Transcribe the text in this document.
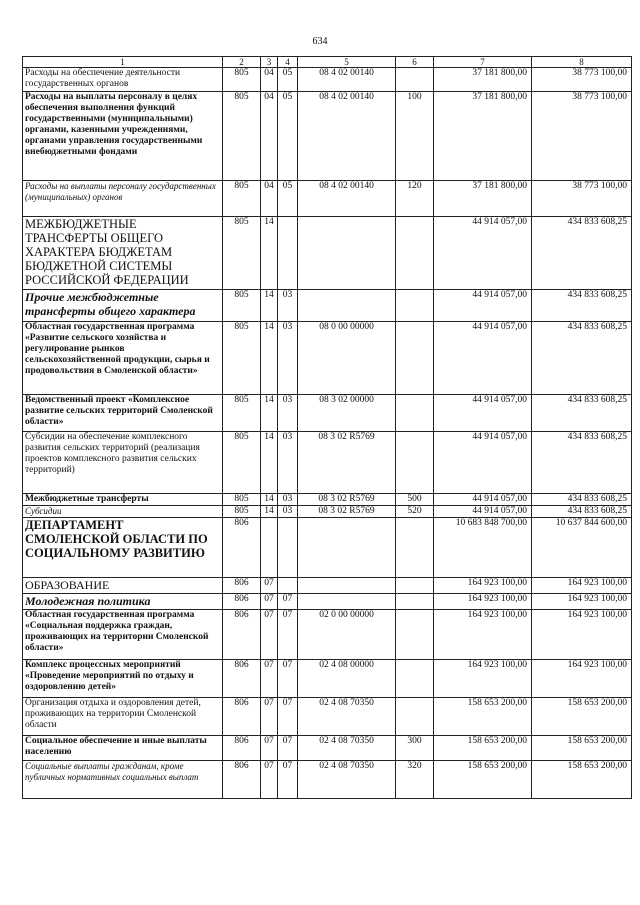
634
1	2	3	4	5	6	7	8
Расходы на обеспечение деятельности государственных органов	805	04	05	08 4 02 00140		37 181 800,00	38 773 100,00
Расходы на выплаты персоналу в целях обеспечения выполнения функций государственными (муниципальными) органами, казенными учреждениями, органами управления государственными внебюджетными фондами	805	04	05	08 4 02 00140	100	37 181 800,00	38 773 100,00
Расходы на выплаты персоналу государственных (муниципальных) органов	805	04	05	08 4 02 00140	120	37 181 800,00	38 773 100,00
МЕЖБЮДЖЕТНЫЕ ТРАНСФЕРТЫ ОБЩЕГО ХАРАКТЕРА БЮДЖЕТАМ БЮДЖЕТНОЙ СИСТЕМЫ РОССИЙСКОЙ ФЕДЕРАЦИИ	805	14				44 914 057,00	434 833 608,25
Прочие межбюджетные трансферты общего характера	805	14	03			44 914 057,00	434 833 608,25
Областная государственная программа «Развитие сельского хозяйства и регулирование рынков сельскохозяйственной продукции, сырья и продовольствия в Смоленской области»	805	14	03	08 0 00 00000		44 914 057,00	434 833 608,25
Ведомственный проект «Комплексное развитие сельских территорий Смоленской области»	805	14	03	08 3 02 00000		44 914 057,00	434 833 608,25
Субсидии на обеспечение комплексного развития сельских территорий (реализация проектов комплексного развития сельских территорий)	805	14	03	08 3 02 R5769		44 914 057,00	434 833 608,25
Межбюджетные трансферты	805	14	03	08 3 02 R5769	500	44 914 057,00	434 833 608,25
Субсидии	805	14	03	08 3 02 R5769	520	44 914 057,00	434 833 608,25
ДЕПАРТАМЕНТ СМОЛЕНСКОЙ ОБЛАСТИ ПО СОЦИАЛЬНОМУ РАЗВИТИЮ	806					10 683 848 700,00	10 637 844 600,00
ОБРАЗОВАНИЕ	806	07				164 923 100,00	164 923 100,00
Молодежная политика	806	07	07			164 923 100,00	164 923 100,00
Областная государственная программа «Социальная поддержка граждан, проживающих на территории Смоленской области»	806	07	07	02 0 00 00000		164 923 100,00	164 923 100,00
Комплекс процессных мероприятий «Проведение мероприятий по отдыху и оздоровлению детей»	806	07	07	02 4 08 00000		164 923 100,00	164 923 100,00
Организация отдыха и оздоровления детей, проживающих на территории Смоленской области	806	07	07	02 4 08 70350		158 653 200,00	158 653 200,00
Социальное обеспечение и иные выплаты населению	806	07	07	02 4 08 70350	300	158 653 200,00	158 653 200,00
Социальные выплаты гражданам, кроме публичных нормативных социальных выплат	806	07	07	02 4 08 70350	320	158 653 200,00	158 653 200,00
